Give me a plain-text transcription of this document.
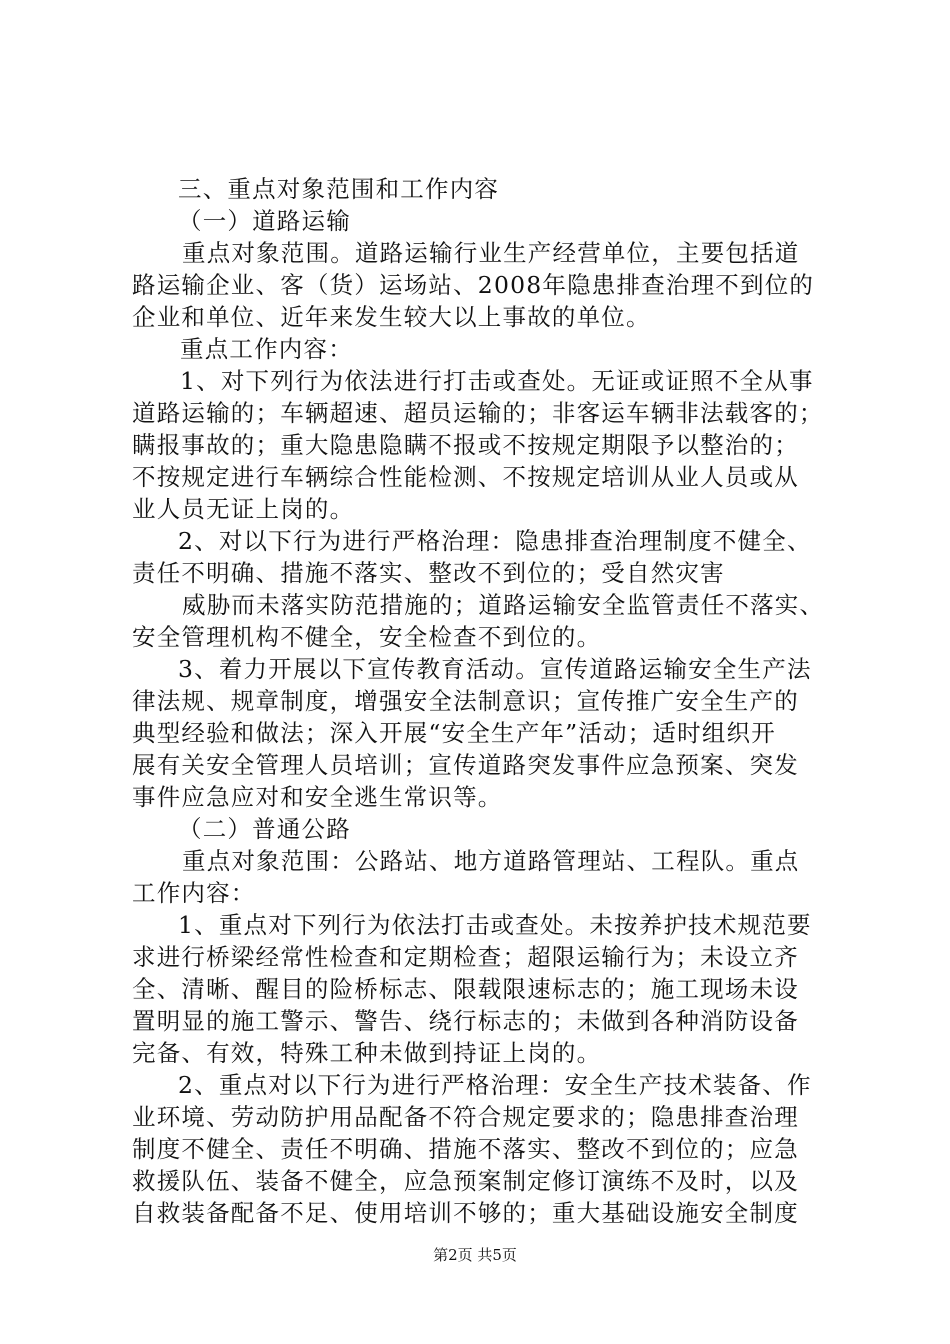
三、重点对象范围和工作内容
（一）道路运输
重点对象范围。道路运输行业生产经营单位，主要包括道
路运输企业、客（货）运场站、2008年隐患排查治理不到位的
企业和单位、近年来发生较大以上事故的单位。
重点工作内容：
1、对下列行为依法进行打击或查处。无证或证照不全从事
道路运输的；车辆超速、超员运输的；非客运车辆非法载客的；
瞒报事故的；重大隐患隐瞒不报或不按规定期限予以整治的；
不按规定进行车辆综合性能检测、不按规定培训从业人员或从
业人员无证上岗的。
2、对以下行为进行严格治理：隐患排查治理制度不健全、
责任不明确、措施不落实、整改不到位的；受自然灾害
威胁而未落实防范措施的；道路运输安全监管责任不落实、
安全管理机构不健全，安全检查不到位的。
3、着力开展以下宣传教育活动。宣传道路运输安全生产法
律法规、规章制度，增强安全法制意识；宣传推广安全生产的
典型经验和做法；深入开展“安全生产年”活动；适时组织开
展有关安全管理人员培训；宣传道路突发事件应急预案、突发
事件应急应对和安全逃生常识等。
（二）普通公路
重点对象范围：公路站、地方道路管理站、工程队。重点
工作内容：
1、重点对下列行为依法打击或查处。未按养护技术规范要
求进行桥梁经常性检查和定期检查；超限运输行为；未设立齐
全、清晰、醒目的险桥标志、限载限速标志的；施工现场未设
置明显的施工警示、警告、绕行标志的；未做到各种消防设备
完备、有效，特殊工种未做到持证上岗的。
2、重点对以下行为进行严格治理：安全生产技术装备、作
业环境、劳动防护用品配备不符合规定要求的；隐患排查治理
制度不健全、责任不明确、措施不落实、整改不到位的；应急
救援队伍、装备不健全，应急预案制定修订演练不及时，以及
自救装备配备不足、使用培训不够的；重大基础设施安全制度
第2页 共5页
